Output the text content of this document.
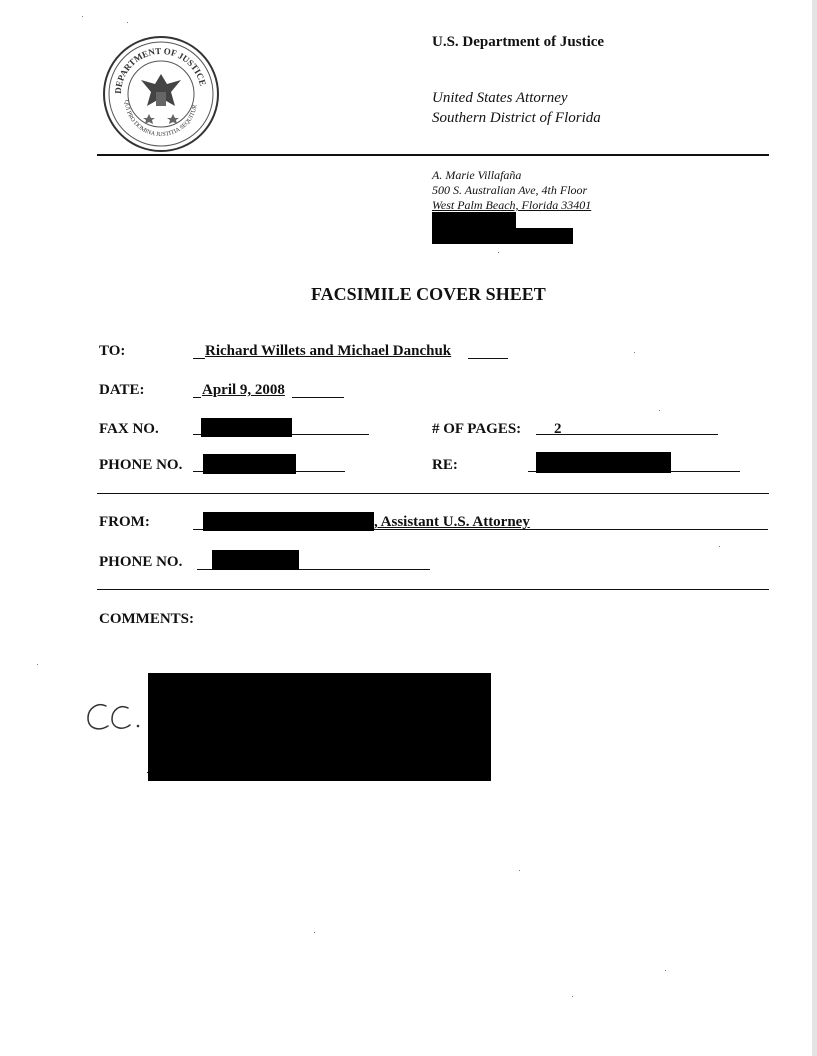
DEPARTMENT OF JUSTICE
QUI PRO DOMINA JUSTITIA SEQUITUR
U.S. Department of Justice
United States Attorney
Southern District of Florida
A. Marie Villafaña
500 S. Australian Ave, 4th Floor
West Palm Beach, Florida 33401
FACSIMILE COVER SHEET
TO:	Richard Willets and Michael Danchuk
DATE:	April 9, 2008
FAX NO.	# OF PAGES: 2
PHONE NO.	RE:
FROM:	, Assistant U.S. Attorney
PHONE NO.
COMMENTS:
